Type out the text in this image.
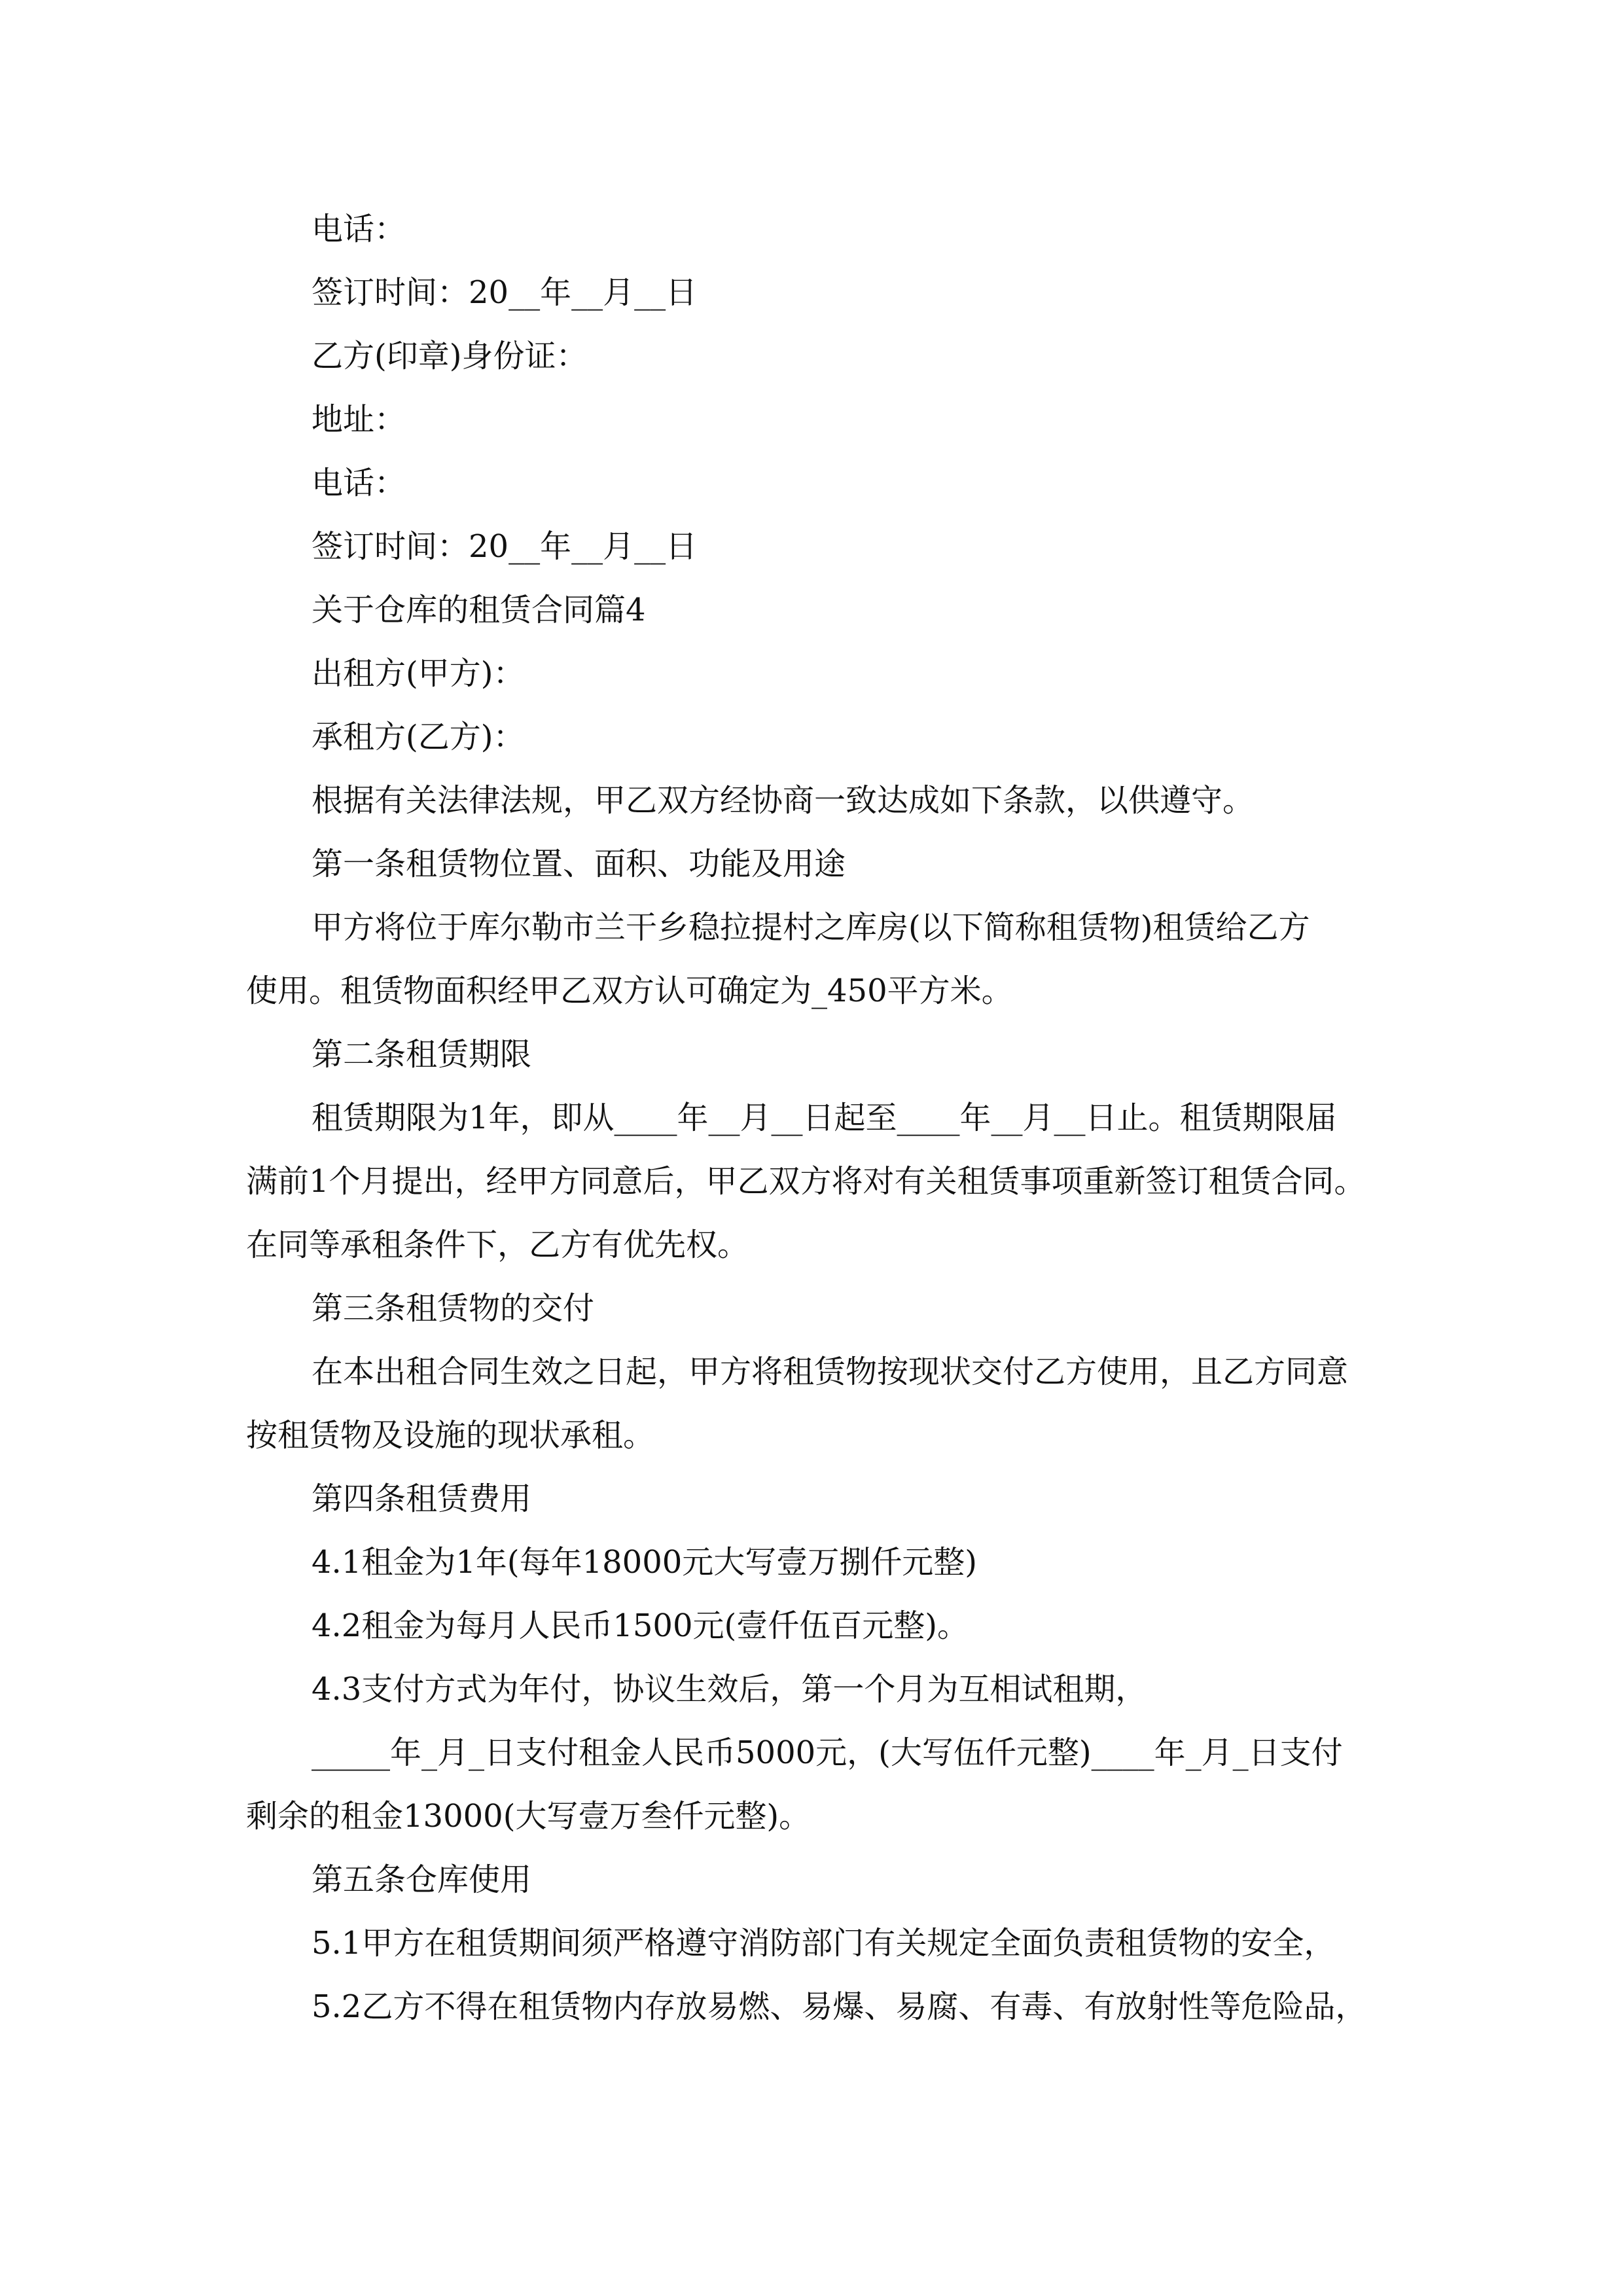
电话：
签订时间：20__年__月__日
乙方(印章)身份证：
地址：
电话：
签订时间：20__年__月__日
关于仓库的租赁合同篇4
出租方(甲方)：
承租方(乙方)：
根据有关法律法规，甲乙双方经协商一致达成如下条款，以供遵守。
第一条租赁物位置、面积、功能及用途
甲方将位于库尔勒市兰干乡稳拉提村之库房(以下简称租赁物)租赁给乙方
使用。租赁物面积经甲乙双方认可确定为_450平方米。
第二条租赁期限
租赁期限为1年，即从____年__月__日起至____年__月__日止。租赁期限届
满前1个月提出，经甲方同意后，甲乙双方将对有关租赁事项重新签订租赁合同。
在同等承租条件下，乙方有优先权。
第三条租赁物的交付
在本出租合同生效之日起，甲方将租赁物按现状交付乙方使用，且乙方同意
按租赁物及设施的现状承租。
第四条租赁费用
4.1租金为1年(每年18000元大写壹万捌仟元整)
4.2租金为每月人民币1500元(壹仟伍百元整)。
4.3支付方式为年付，协议生效后，第一个月为互相试租期，
_____年_月_日支付租金人民币5000元，(大写伍仟元整)____年_月_日支付
剩余的租金13000(大写壹万叁仟元整)。
第五条仓库使用
5.1甲方在租赁期间须严格遵守消防部门有关规定全面负责租赁物的安全，
5.2乙方不得在租赁物内存放易燃、易爆、易腐、有毒、有放射性等危险品，
